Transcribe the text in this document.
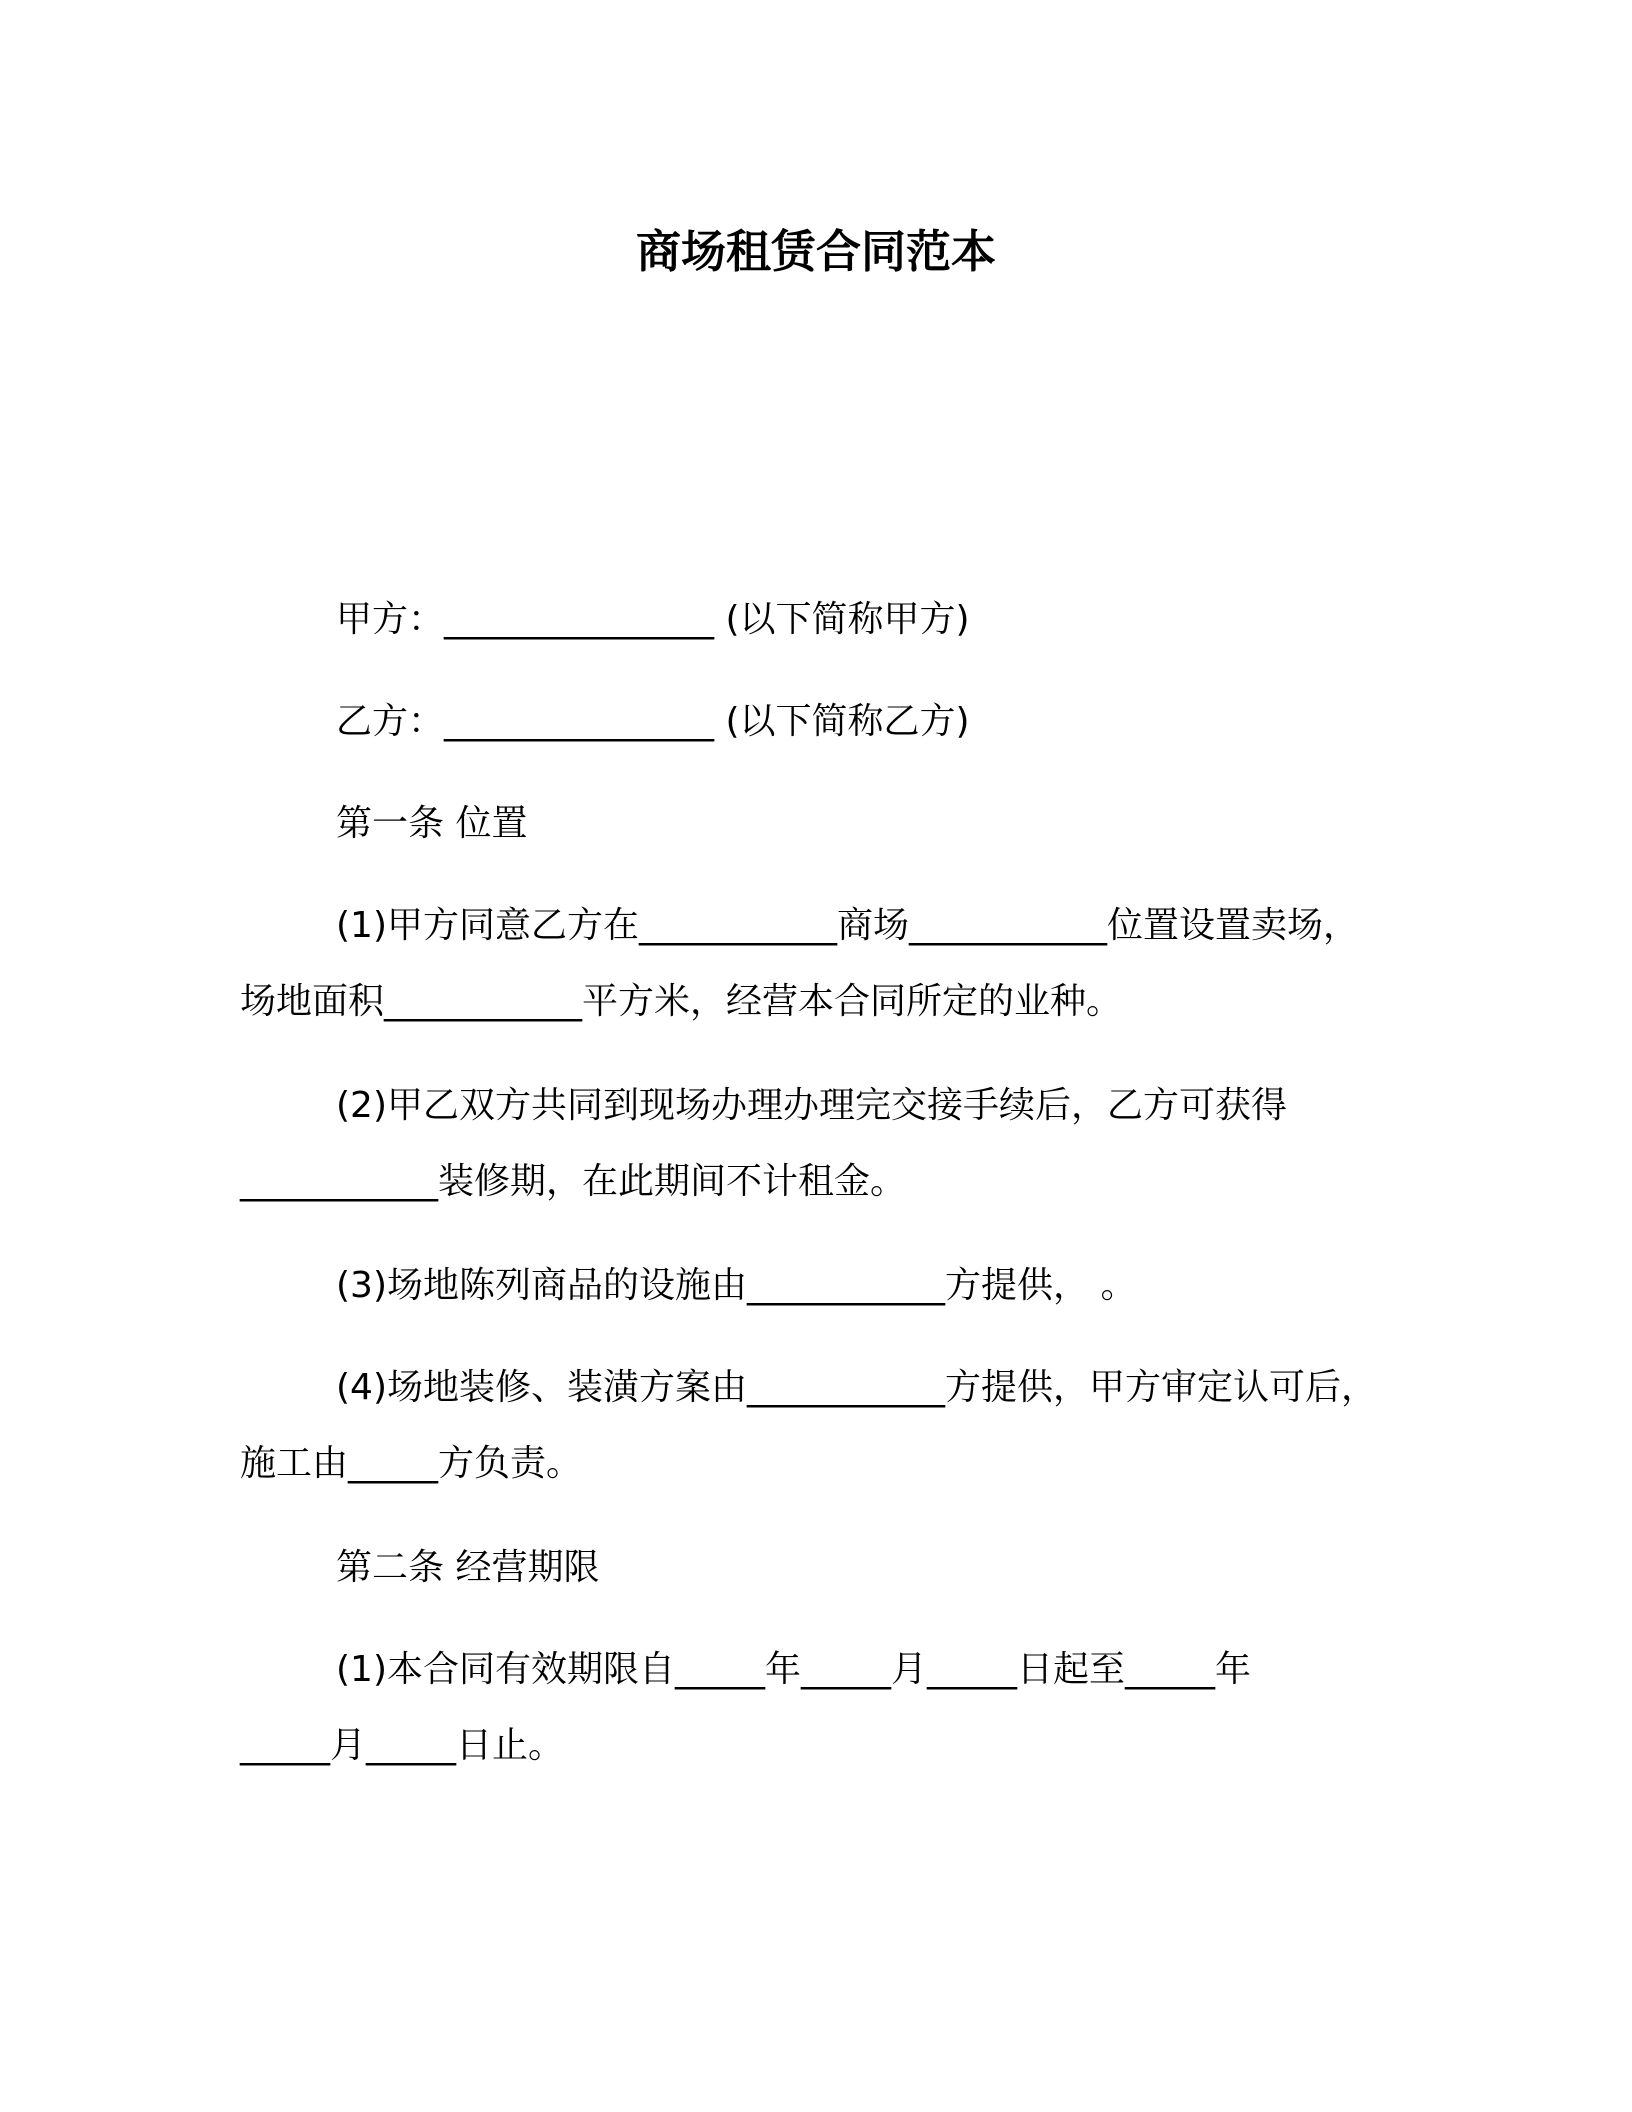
商场租赁合同范本

甲方：_______________ (以下简称甲方)

乙方：_______________ (以下简称乙方)

第一条 位置

(1)甲方同意乙方在___________商场___________位置设置卖场，
场地面积___________平方米，经营本合同所定的业种。
(2)甲乙双方共同到现场办理办理完交接手续后，乙方可获得
___________装修期，在此期间不计租金。

(3)场地陈列商品的设施由___________方提供， 。

(4)场地装修、装潢方案由___________方提供，甲方审定认可后，
施工由_____方负责。

第二条 经营期限

(1)本合同有效期限自_____年_____月_____日起至_____年
_____月_____日止。
